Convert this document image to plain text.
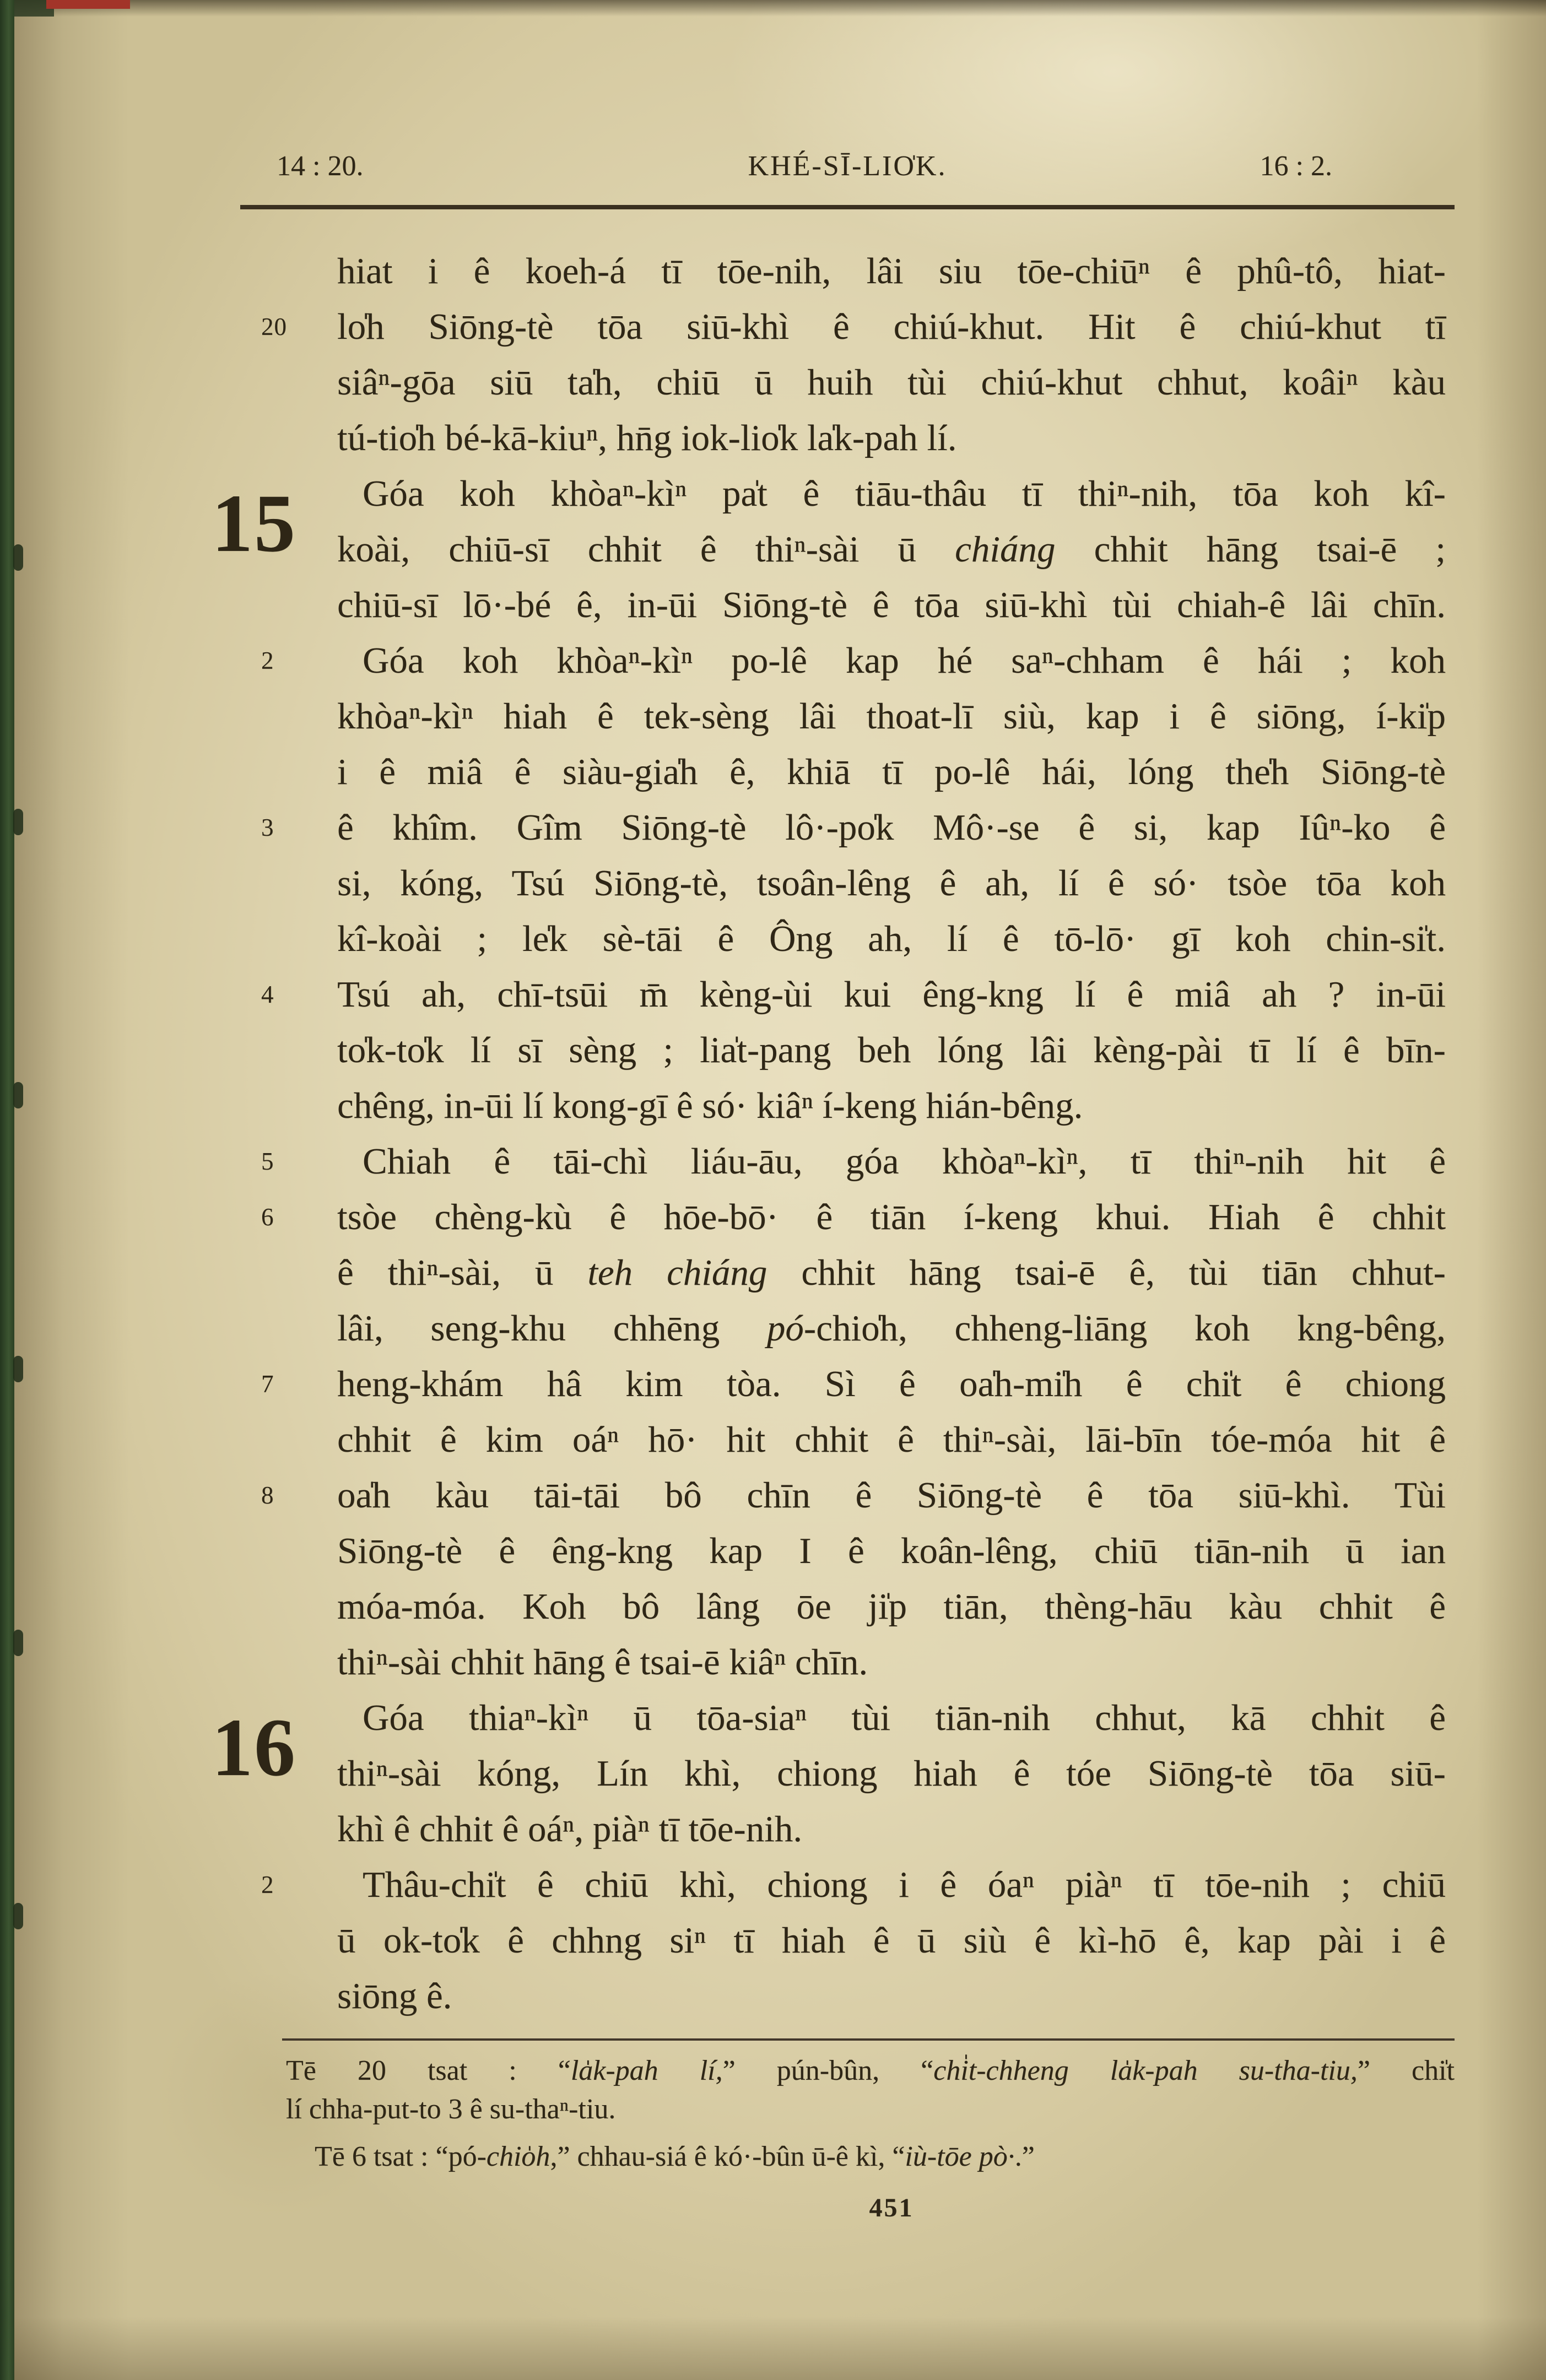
14 : 20.	KHÉ-SĪ-LIO̍K.	16 : 2.
15
16
hiat i ê koeh-á tī tōe-nih, lâi siu tōe-chiūⁿ ê phû-tô, hiat-
20	lo̍h Siōng-tè tōa siū-khì ê chiú-khut. Hit ê chiú-khut tī
siâⁿ-gōa siū ta̍h, chiū ū huih tùi chiú-khut chhut, koâiⁿ kàu
tú-tio̍h bé-kā-kiuⁿ, hn̄g iok-lio̍k la̍k-pah lí.
Góa koh khòaⁿ-kìⁿ pa̍t ê tiāu-thâu tī thiⁿ-nih, tōa koh kî-
koài, chiū-sī chhit ê thiⁿ-sài ū chiáng chhit hāng tsai-ē ;
chiū-sī lō·-bé ê, in-ūi Siōng-tè ê tōa siū-khì tùi chiah-ê lâi chīn.
2	Góa koh khòaⁿ-kìⁿ po-lê kap hé saⁿ-chham ê hái ; koh
khòaⁿ-kìⁿ hiah ê tek-sèng lâi thoat-lī siù, kap i ê siōng, í-ki̍p
i ê miâ ê siàu-gia̍h ê, khiā tī po-lê hái, lóng the̍h Siōng-tè
3	ê khîm. Gîm Siōng-tè lô·-po̍k Mô·-se ê si, kap Iûⁿ-ko ê
si, kóng, Tsú Siōng-tè, tsoân-lêng ê ah, lí ê só· tsòe tōa koh
kî-koài ; le̍k sè-tāi ê Ông ah, lí ê tō-lō· gī koh chin-si̍t.
4	Tsú ah, chī-tsūi m̄ kèng-ùi kui êng-kng lí ê miâ ah ? in-ūi
to̍k-to̍k lí sī sèng ; lia̍t-pang beh lóng lâi kèng-pài tī lí ê bīn-
chêng, in-ūi lí kong-gī ê só· kiâⁿ í-keng hián-bêng.
5	Chiah ê tāi-chì liáu-āu, góa khòaⁿ-kìⁿ, tī thiⁿ-nih hit ê
6	tsòe chèng-kù ê hōe-bō· ê tiān í-keng khui. Hiah ê chhit
ê thiⁿ-sài, ū teh chiáng chhit hāng tsai-ē ê, tùi tiān chhut-
lâi, seng-khu chhēng pó-chio̍h, chheng-liāng koh kng-bêng,
7	heng-khám hâ kim tòa. Sì ê oa̍h-mi̍h ê chi̍t ê chiong
chhit ê kim oáⁿ hō· hit chhit ê thiⁿ-sài, lāi-bīn tóe-móa hit ê
8	oa̍h kàu tāi-tāi bô chīn ê Siōng-tè ê tōa siū-khì. Tùi
Siōng-tè ê êng-kng kap I ê koân-lêng, chiū tiān-nih ū ian
móa-móa. Koh bô lâng ōe ji̍p tiān, thèng-hāu kàu chhit ê
thiⁿ-sài chhit hāng ê tsai-ē kiâⁿ chīn.
Góa thiaⁿ-kìⁿ ū tōa-siaⁿ tùi tiān-nih chhut, kā chhit ê
thiⁿ-sài kóng, Lín khì, chiong hiah ê tóe Siōng-tè tōa siū-
khì ê chhit ê oáⁿ, piàⁿ tī tōe-nih.
2	Thâu-chi̍t ê chiū khì, chiong i ê óaⁿ piàⁿ tī tōe-nih ; chiū
ū ok-to̍k ê chhng siⁿ tī hiah ê ū siù ê kì-hō ê, kap pài i ê
siōng ê.
Tē 20 tsat : “la̍k-pah lí,” pún-bûn, “chi̍t-chheng la̍k-pah su-tha-tiu,” chi̍t
lí chha-put-to 3 ê su-thaⁿ-tiu.
Tē 6 tsat : “pó-chio̍h,” chhau-siá ê kó·-bûn ū-ê kì, “iù-tōe pò·.”
451
